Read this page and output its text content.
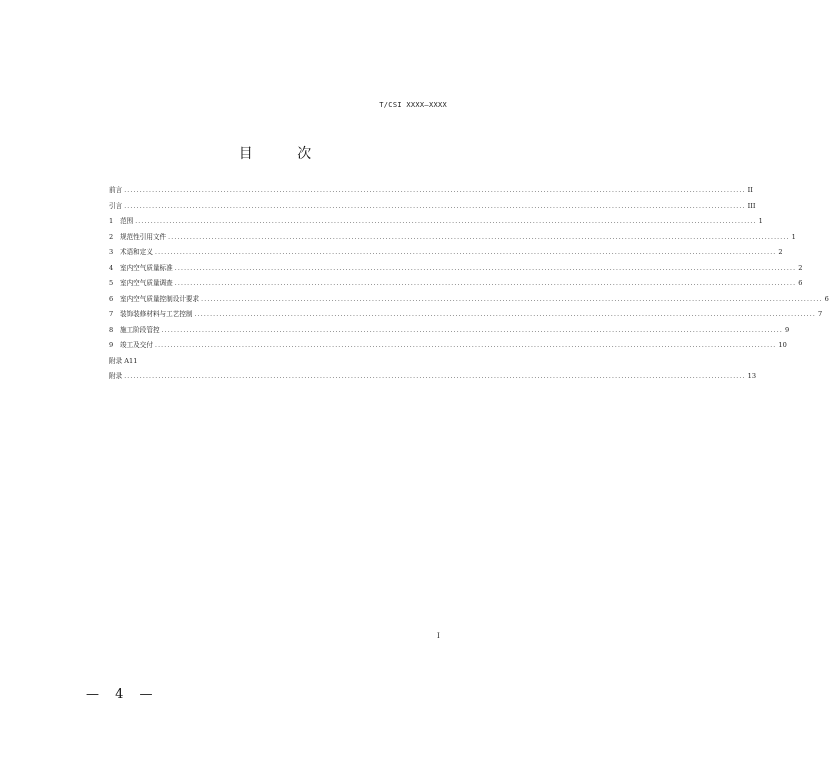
T/CSI XXXX—XXXX
目 次
前言 ........................................................................................................................................................................................................ II
引言 ........................................................................................................................................................................................................ III
1	范围 ........................................................................................................................................................................................................ 1
2	规范性引用文件 ........................................................................................................................................................................................................ 1
3	术语和定义 ........................................................................................................................................................................................................ 2
4	室内空气质量标准 ........................................................................................................................................................................................................ 2
5	室内空气质量调查 ........................................................................................................................................................................................................ 6
6	室内空气质量控制设计要求 ........................................................................................................................................................................................................ 6
7	装饰装修材料与工艺控制 ........................................................................................................................................................................................................ 7
8	施工阶段管控 ........................................................................................................................................................................................................ 9
9	竣工及交付 ........................................................................................................................................................................................................ 10
附录 A11
附录 ........................................................................................................................................................................................................ 13
I
— 4 —
